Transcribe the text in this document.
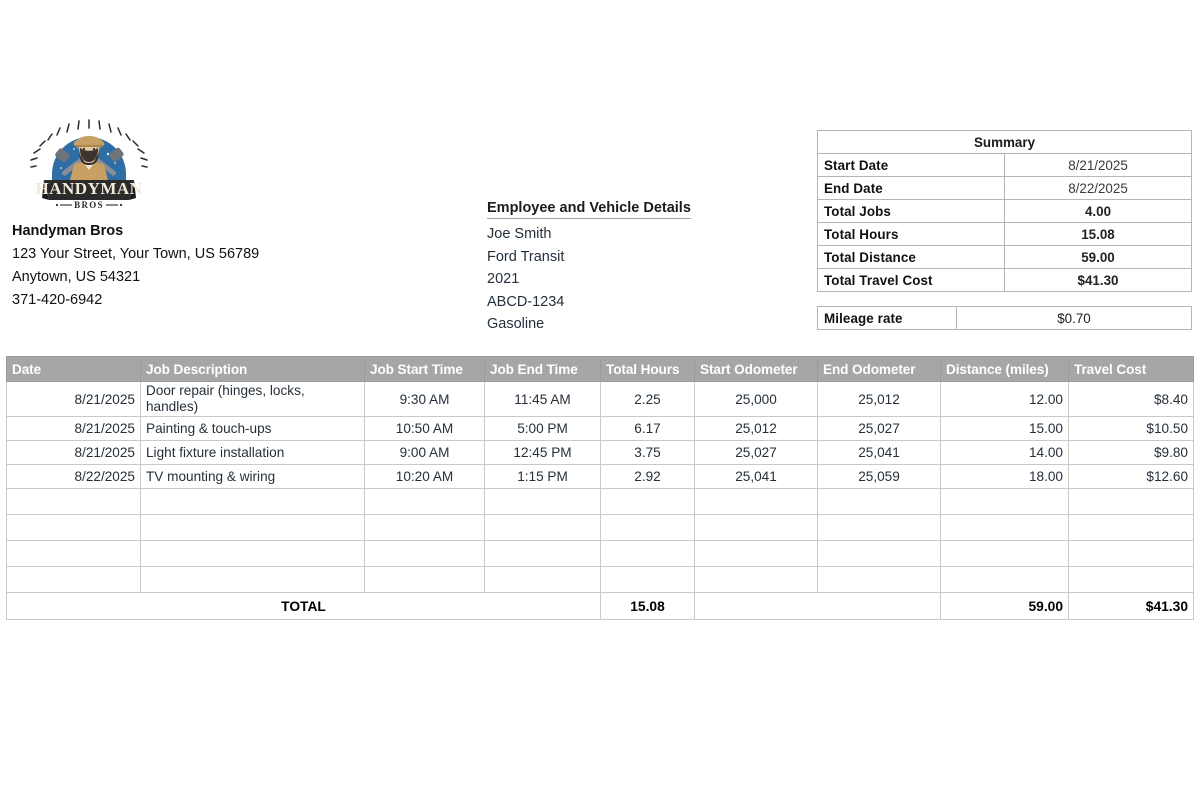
HANDYMAN
BROS
Handyman Bros
123 Your Street, Your Town, US 56789
Anytown, US 54321
371-420-6942
Employee and Vehicle Details
Joe Smith
Ford Transit
2021
ABCD-1234
Gasoline
Summary	
Start Date	8/21/2025
End Date	8/22/2025
Total Jobs	4.00
Total Hours	15.08
Total Distance	59.00
Total Travel Cost	$41.30
Mileage rate	$0.70
Date	Job Description	Job Start Time	Job End Time	Total Hours	Start Odometer	End Odometer	Distance (miles)	Travel Cost
8/21/2025	Door repair (hinges, locks, handles)	9:30 AM	11:45 AM	2.25	25,000	25,012	12.00	$8.40
8/21/2025	Painting & touch-ups	10:50 AM	5:00 PM	6.17	25,012	25,027	15.00	$10.50
8/21/2025	Light fixture installation	9:00 AM	12:45 PM	3.75	25,027	25,041	14.00	$9.80
8/22/2025	TV mounting & wiring	10:20 AM	1:15 PM	2.92	25,041	25,059	18.00	$12.60

TOTAL				15.08			59.00	$41.30
